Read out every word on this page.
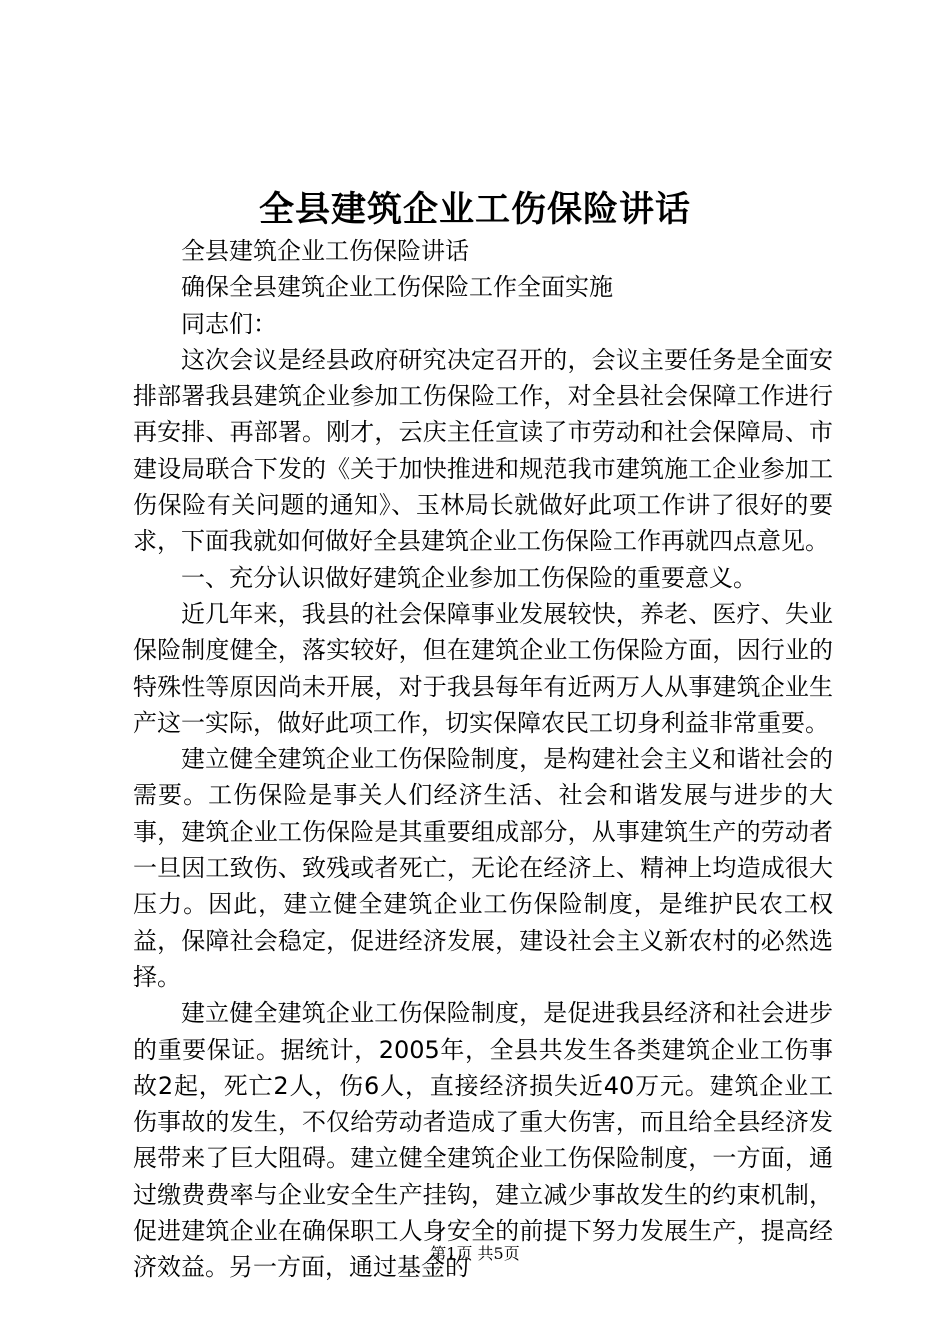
全县建筑企业工伤保险讲话

全县建筑企业工伤保险讲话

确保全县建筑企业工伤保险工作全面实施

同志们：

这次会议是经县政府研究决定召开的，会议主要任务是全面安排部署我县建筑企业参加工伤保险工作，对全县社会保障工作进行再安排、再部署。刚才，云庆主任宣读了市劳动和社会保障局、市建设局联合下发的《关于加快推进和规范我市建筑施工企业参加工伤保险有关问题的通知》、玉林局长就做好此项工作讲了很好的要求，下面我就如何做好全县建筑企业工伤保险工作再就四点意见。

一、充分认识做好建筑企业参加工伤保险的重要意义。

近几年来，我县的社会保障事业发展较快，养老、医疗、失业保险制度健全，落实较好，但在建筑企业工伤保险方面，因行业的特殊性等原因尚未开展，对于我县每年有近两万人从事建筑企业生产这一实际，做好此项工作，切实保障农民工切身利益非常重要。

建立健全建筑企业工伤保险制度，是构建社会主义和谐社会的需要。工伤保险是事关人们经济生活、社会和谐发展与进步的大事，建筑企业工伤保险是其重要组成部分，从事建筑生产的劳动者一旦因工致伤、致残或者死亡，无论在经济上、精神上均造成很大压力。因此，建立健全建筑企业工伤保险制度，是维护民农工权益，保障社会稳定，促进经济发展，建设社会主义新农村的必然选择。

建立健全建筑企业工伤保险制度，是促进我县经济和社会进步的重要保证。据统计，2005年，全县共发生各类建筑企业工伤事故2起，死亡2人，伤6人，直接经济损失近40万元。建筑企业工伤事故的发生，不仅给劳动者造成了重大伤害，而且给全县经济发展带来了巨大阻碍。建立健全建筑企业工伤保险制度，一方面，通过缴费费率与企业安全生产挂钩，建立减少事故发生的约束机制，促进建筑企业在确保职工人身安全的前提下努力发展生产，提高经济效益。另一方面，通过基金的

第1页 共5页
